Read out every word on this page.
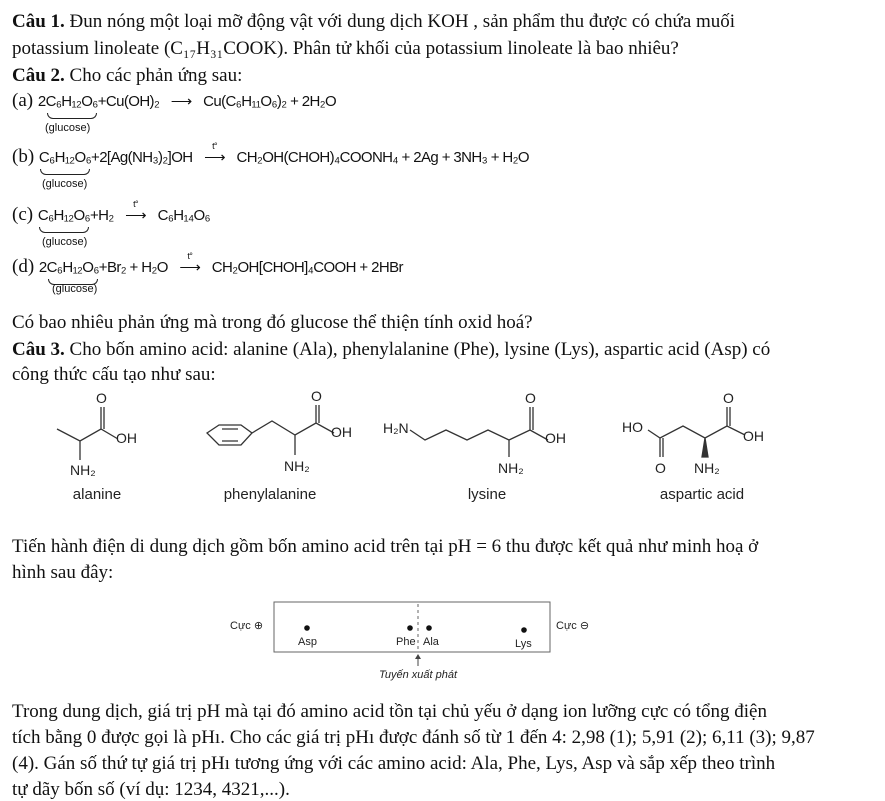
Câu 1. Đun nóng một loại mỡ động vật với dung dịch KOH , sản phẩm thu được có chứa muối
potassium linoleate (C₁₇H₃₁COOK). Phân tử khối của potassium linoleate là bao nhiêu?
Câu 2. Cho các phản ứng sau:
(a) 2C₆H₁₂O₆+Cu(OH)₂ ⟶ Cu(C₆H₁₁O₆)₂ + 2H₂O
(glucose)
(b) C₆H₁₂O₆+2[Ag(NH₃)₂]OH
t°
⟶ CH₂OH(CHOH)₄COONH₄ + 2Ag + 3NH₃ + H₂O
(glucose)
(c) C₆H₁₂O₆+H₂
t°
⟶ C₆H₁₄O₆
(glucose)
(d) 2C₆H₁₂O₆+Br₂ + H₂O
t°
⟶ CH₂OH[CHOH]₄COOH + 2HBr
(glucose)
Có bao nhiêu phản ứng mà trong đó glucose thể thiện tính oxid hoá?
Câu 3. Cho bốn amino acid: alanine (Ala), phenylalanine (Phe), lysine (Lys), aspartic acid (Asp) có
công thức cấu tạo như sau:
O
OH
NH₂
O
OH
NH₂
H₂N
O
OH
NH₂
HO
O
O
OH
NH₂
alanine	phenylalanine	lysine	aspartic acid
Tiến hành điện di dung dịch gồm bốn amino acid trên tại pH = 6 thu được kết quả như minh hoạ ở
hình sau đây:
Cực ⊕	Cực ⊖
Asp	Phe Ala	Lys
Tuyến xuất phát
Trong dung dịch, giá trị pH mà tại đó amino acid tồn tại chủ yếu ở dạng ion lưỡng cực có tổng điện
tích bằng 0 được gọi là pHı. Cho các giá trị pHı được đánh số từ 1 đến 4: 2,98 (1); 5,91 (2); 6,11 (3); 9,87
(4). Gán số thứ tự giá trị pHı tương ứng với các amino acid: Ala, Phe, Lys, Asp và sắp xếp theo trình
tự dãy bốn số (ví dụ: 1234, 4321,...).
